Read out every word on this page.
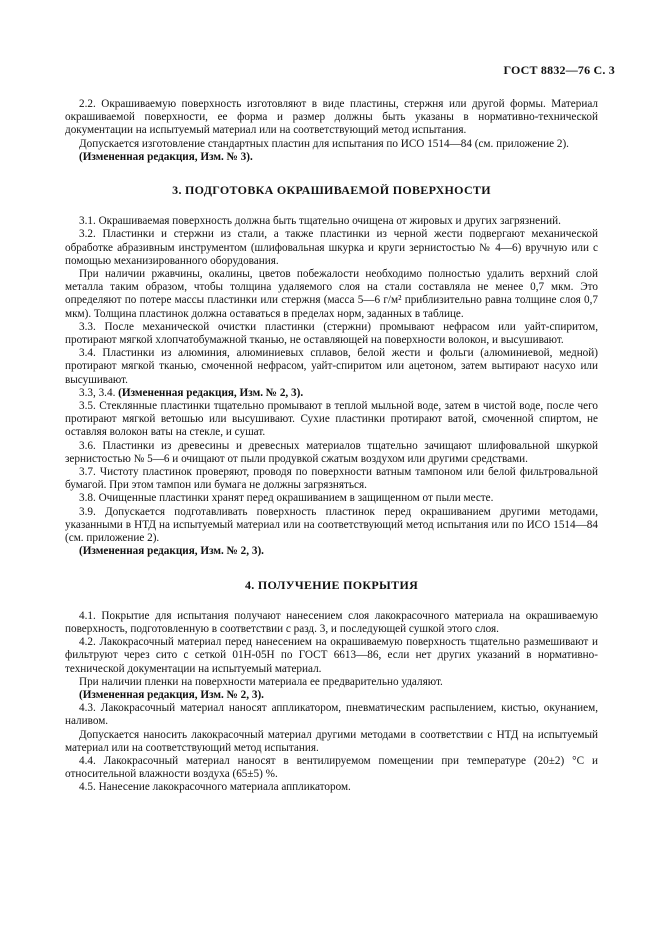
ГОСТ 8832—76 С. 3

2.2. Окрашиваемую поверхность изготовляют в виде пластины, стержня или другой формы. Материал окрашиваемой поверхности, ее форма и размер должны быть указаны в нормативно-технической документации на испытуемый материал или на соответствующий метод испытания.

Допускается изготовление стандартных пластин для испытания по ИСО 1514—84 (см. приложение 2).

(Измененная редакция, Изм. № 3).

3. ПОДГОТОВКА ОКРАШИВАЕМОЙ ПОВЕРХНОСТИ

3.1. Окрашиваемая поверхность должна быть тщательно очищена от жировых и других загрязнений.

3.2. Пластинки и стержни из стали, а также пластинки из черной жести подвергают механической обработке абразивным инструментом (шлифовальная шкурка и круги зернистостью № 4—6) вручную или с помощью механизированного оборудования.

При наличии ржавчины, окалины, цветов побежалости необходимо полностью удалить верхний слой металла таким образом, чтобы толщина удаляемого слоя на стали составляла не менее 0,7 мкм. Это определяют по потере массы пластинки или стержня (масса 5—6 г/м² приблизительно равна толщине слоя 0,7 мкм). Толщина пластинок должна оставаться в пределах норм, заданных в таблице.

3.3. После механической очистки пластинки (стержни) промывают нефрасом или уайт-спиритом, протирают мягкой хлопчатобумажной тканью, не оставляющей на поверхности волокон, и высушивают.

3.4. Пластинки из алюминия, алюминиевых сплавов, белой жести и фольги (алюминиевой, медной) протирают мягкой тканью, смоченной нефрасом, уайт-спиритом или ацетоном, затем вытирают насухо или высушивают.

3.3, 3.4. (Измененная редакция, Изм. № 2, 3).

3.5. Стеклянные пластинки тщательно промывают в теплой мыльной воде, затем в чистой воде, после чего протирают мягкой ветошью или высушивают. Сухие пластинки протирают ватой, смоченной спиртом, не оставляя волокон ваты на стекле, и сушат.

3.6. Пластинки из древесины и древесных материалов тщательно зачищают шлифовальной шкуркой зернистостью № 5—6 и очищают от пыли продувкой сжатым воздухом или другими средствами.

3.7. Чистоту пластинок проверяют, проводя по поверхности ватным тампоном или белой фильтровальной бумагой. При этом тампон или бумага не должны загрязняться.

3.8. Очищенные пластинки хранят перед окрашиванием в защищенном от пыли месте.

3.9. Допускается подготавливать поверхность пластинок перед окрашиванием другими методами, указанными в НТД на испытуемый материал или на соответствующий метод испытания или по ИСО 1514—84 (см. приложение 2).

(Измененная редакция, Изм. № 2, 3).

4. ПОЛУЧЕНИЕ ПОКРЫТИЯ

4.1. Покрытие для испытания получают нанесением слоя лакокрасочного материала на окрашиваемую поверхность, подготовленную в соответствии с разд. 3, и последующей сушкой этого слоя.

4.2. Лакокрасочный материал перед нанесением на окрашиваемую поверхность тщательно размешивают и фильтруют через сито с сеткой 01Н-05Н по ГОСТ 6613—86, если нет других указаний в нормативно-технической документации на испытуемый материал.

При наличии пленки на поверхности материала ее предварительно удаляют.

(Измененная редакция, Изм. № 2, 3).

4.3. Лакокрасочный материал наносят аппликатором, пневматическим распылением, кистью, окунанием, наливом.

Допускается наносить лакокрасочный материал другими методами в соответствии с НТД на испытуемый материал или на соответствующий метод испытания.

4.4. Лакокрасочный материал наносят в вентилируемом помещении при температуре (20±2) °С и относительной влажности воздуха (65±5) %.

4.5. Нанесение лакокрасочного материала аппликатором.
